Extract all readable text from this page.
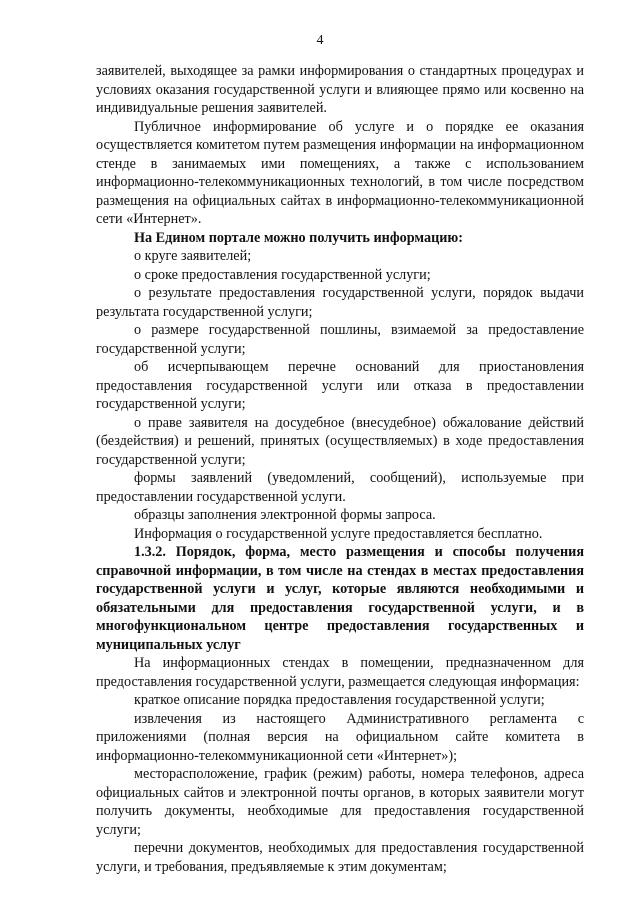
4

заявителей, выходящее за рамки информирования о стандартных процедурах и условиях оказания государственной услуги и влияющее прямо или косвенно на индивидуальные решения заявителей.

Публичное информирование об услуге и о порядке ее оказания осуществляется комитетом путем размещения информации на информационном стенде в занимаемых ими помещениях, а также с использованием информационно-телекоммуникационных технологий, в том числе посредством размещения на официальных сайтах в информационно-телекоммуникационной сети «Интернет».

На Едином портале можно получить информацию:

о круге заявителей;

о сроке предоставления государственной услуги;

о результате предоставления государственной услуги, порядок выдачи результата государственной услуги;

о размере государственной пошлины, взимаемой за предоставление государственной услуги;

об исчерпывающем перечне оснований для приостановления предоставления государственной услуги или отказа в предоставлении государственной услуги;

о праве заявителя на досудебное (внесудебное) обжалование действий (бездействия) и решений, принятых (осуществляемых) в ходе предоставления государственной услуги;

формы заявлений (уведомлений, сообщений), используемые при предоставлении государственной услуги.

образцы заполнения электронной формы запроса.

Информация о государственной услуге предоставляется бесплатно.

1.3.2. Порядок, форма, место размещения и способы получения справочной информации, в том числе на стендах в местах предоставления государственной услуги и услуг, которые являются необходимыми и обязательными для предоставления государственной услуги, и в многофункциональном центре предоставления государственных и муниципальных услуг

На информационных стендах в помещении, предназначенном для предоставления государственной услуги, размещается следующая информация:

краткое описание порядка предоставления государственной услуги;

извлечения из настоящего Административного регламента с приложениями (полная версия на официальном сайте комитета в информационно-телекоммуникационной сети «Интернет»);

месторасположение, график (режим) работы, номера телефонов, адреса официальных сайтов и электронной почты органов, в которых заявители могут получить документы, необходимые для предоставления государственной услуги;

перечни документов, необходимых для предоставления государственной услуги, и требования, предъявляемые к этим документам;
